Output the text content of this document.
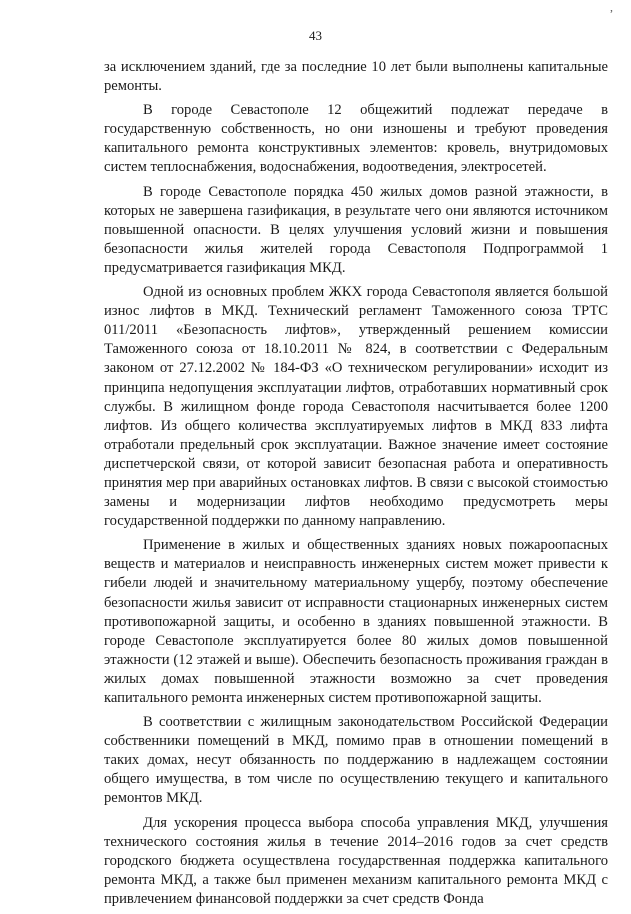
,
43

за исключением зданий, где за последние 10 лет были выполнены капитальные ремонты.

В городе Севастополе 12 общежитий подлежат передаче в государственную собственность, но они изношены и требуют проведения капитального ремонта конструктивных элементов: кровель, внутридомовых систем теплоснабжения, водоснабжения, водоотведения, электросетей.

В городе Севастополе порядка 450 жилых домов разной этажности, в которых не завершена газификация, в результате чего они являются источником повышенной опасности. В целях улучшения условий жизни и повышения безопасности жилья жителей города Севастополя Подпрограммой 1 предусматривается газификация МКД.

Одной из основных проблем ЖКХ города Севастополя является большой износ лифтов в МКД. Технический регламент Таможенного союза ТРТС 011/2011 «Безопасность лифтов», утвержденный решением комиссии Таможенного союза от 18.10.2011 № 824, в соответствии с Федеральным законом от 27.12.2002 № 184-ФЗ «О техническом регулировании» исходит из принципа недопущения эксплуатации лифтов, отработавших нормативный срок службы. В жилищном фонде города Севастополя насчитывается более 1200 лифтов. Из общего количества эксплуатируемых лифтов в МКД 833 лифта отработали предельный срок эксплуатации. Важное значение имеет состояние диспетчерской связи, от которой зависит безопасная работа и оперативность принятия мер при аварийных остановках лифтов. В связи с высокой стоимостью замены и модернизации лифтов необходимо предусмотреть меры государственной поддержки по данному направлению.

Применение в жилых и общественных зданиях новых пожароопасных веществ и материалов и неисправность инженерных систем может привести к гибели людей и значительному материальному ущербу, поэтому обеспечение безопасности жилья зависит от исправности стационарных инженерных систем противопожарной защиты, и особенно в зданиях повышенной этажности. В городе Севастополе эксплуатируется более 80 жилых домов повышенной этажности (12 этажей и выше). Обеспечить безопасность проживания граждан в жилых домах повышенной этажности возможно за счет проведения капитального ремонта инженерных систем противопожарной защиты.

В соответствии с жилищным законодательством Российской Федерации собственники помещений в МКД, помимо прав в отношении помещений в таких домах, несут обязанность по поддержанию в надлежащем состоянии общего имущества, в том числе по осуществлению текущего и капитального ремонтов МКД.

Для ускорения процесса выбора способа управления МКД, улучшения технического состояния жилья в течение 2014–2016 годов за счет средств городского бюджета осуществлена государственная поддержка капитального ремонта МКД, а также был применен механизм капитального ремонта МКД с привлечением финансовой поддержки за счет средств Фонда
